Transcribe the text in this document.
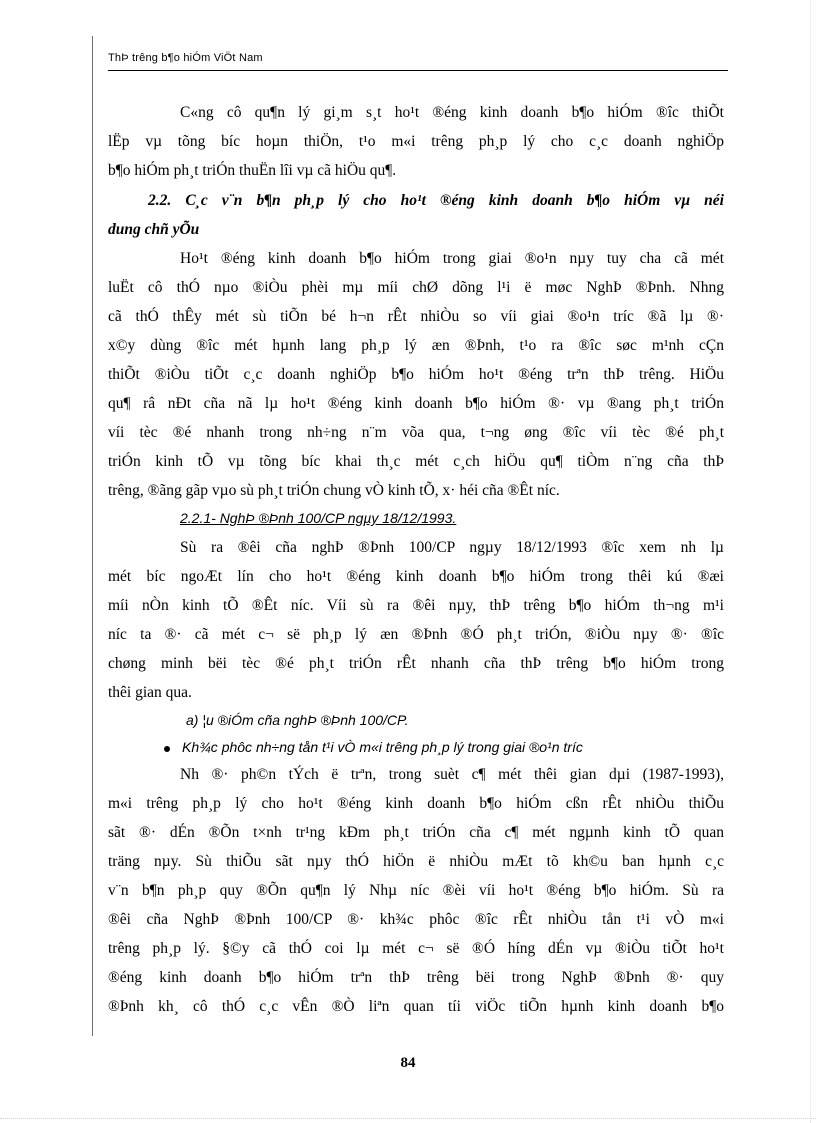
ThÞ trêng b¶o hiÓm ViÖt Nam
C«ng cô qu¶n lý gi¸m s¸t ho¹t ®éng kinh doanh b¶o hiÓm ®îc thiÕt
lËp vµ tõng bíc hoµn thiÖn, t¹o m«i trêng ph¸p lý cho c¸c doanh nghiÖp
b¶o hiÓm ph¸t triÓn thuËn lîi vµ cã hiÖu qu¶.
2.2. C¸c v¨n b¶n ph¸p lý cho ho¹t ®éng kinh doanh b¶o hiÓm vµ néi
dung chñ yÕu
Ho¹t ®éng kinh doanh b¶o hiÓm trong giai ®o¹n nµy tuy cha cã mét
luËt cô thÓ nµo ®iÒu phèi mµ míi chØ dõng l¹i ë møc NghÞ ®Þnh. Nhng
cã thÓ thÊy mét sù tiÕn bé h¬n rÊt nhiÒu so víi giai ®o¹n tríc ®ã lµ ®·
x©y dùng ®îc mét hµnh lang ph¸p lý æn ®Þnh, t¹o ra ®îc søc m¹nh cÇn
thiÕt ®iÒu tiÕt c¸c doanh nghiÖp b¶o hiÓm ho¹t ®éng trªn thÞ trêng. HiÖu
qu¶ râ nÐt cña nã lµ ho¹t ®éng kinh doanh b¶o hiÓm ®· vµ ®ang ph¸t triÓn
víi tèc ®é nhanh trong nh÷ng n¨m võa qua, t¬ng øng ®îc víi tèc ®é ph¸t
triÓn kinh tÕ vµ tõng bíc khai th¸c mét c¸ch hiÖu qu¶ tiÒm n¨ng cña thÞ
trêng, ®ãng gãp vµo sù ph¸t triÓn chung vÒ kinh tÕ, x· héi cña ®Êt níc.
2.2.1- NghÞ ®Þnh 100/CP ngµy 18/12/1993.
Sù ra ®êi cña nghÞ ®Þnh 100/CP ngµy 18/12/1993 ®îc xem nh lµ
mét bíc ngoÆt lín cho ho¹t ®éng kinh doanh b¶o hiÓm trong thêi kú ®æi
míi nÒn kinh tÕ ®Êt níc. Víi sù ra ®êi nµy, thÞ trêng b¶o hiÓm th¬ng m¹i
níc ta ®· cã mét c¬ së ph¸p lý æn ®Þnh ®Ó ph¸t triÓn, ®iÒu nµy ®· ®îc
chøng minh bëi tèc ®é ph¸t triÓn rÊt nhanh cña thÞ trêng b¶o hiÓm trong
thêi gian qua.
a) ¦u ®iÓm cña nghÞ ®Þnh 100/CP.
Kh¾c phôc nh÷ng tån t¹i vÒ m«i trêng ph¸p lý trong giai ®o¹n tríc
Nh ®· ph©n tÝch ë trªn, trong suèt c¶ mét thêi gian dµi (1987-1993),
m«i trêng ph¸p lý cho ho¹t ®éng kinh doanh b¶o hiÓm cßn rÊt nhiÒu thiÕu
sãt ®· dÉn ®Õn t×nh tr¹ng kÐm ph¸t triÓn cña c¶ mét ngµnh kinh tÕ quan
träng nµy. Sù thiÕu sãt nµy thÓ hiÖn ë nhiÒu mÆt tõ kh©u ban hµnh c¸c
v¨n b¶n ph¸p quy ®Õn qu¶n lý Nhµ níc ®èi víi ho¹t ®éng b¶o hiÓm. Sù ra
®êi cña NghÞ ®Þnh 100/CP ®· kh¾c phôc ®îc rÊt nhiÒu tån t¹i vÒ m«i
trêng ph¸p lý. §©y cã thÓ coi lµ mét c¬ së ®Ó híng dÉn vµ ®iÒu tiÕt ho¹t
®éng kinh doanh b¶o hiÓm trªn thÞ trêng bëi trong NghÞ ®Þnh ®· quy
®Þnh kh¸ cô thÓ c¸c vÊn ®Ò liªn quan tíi viÖc tiÕn hµnh kinh doanh b¶o
84
